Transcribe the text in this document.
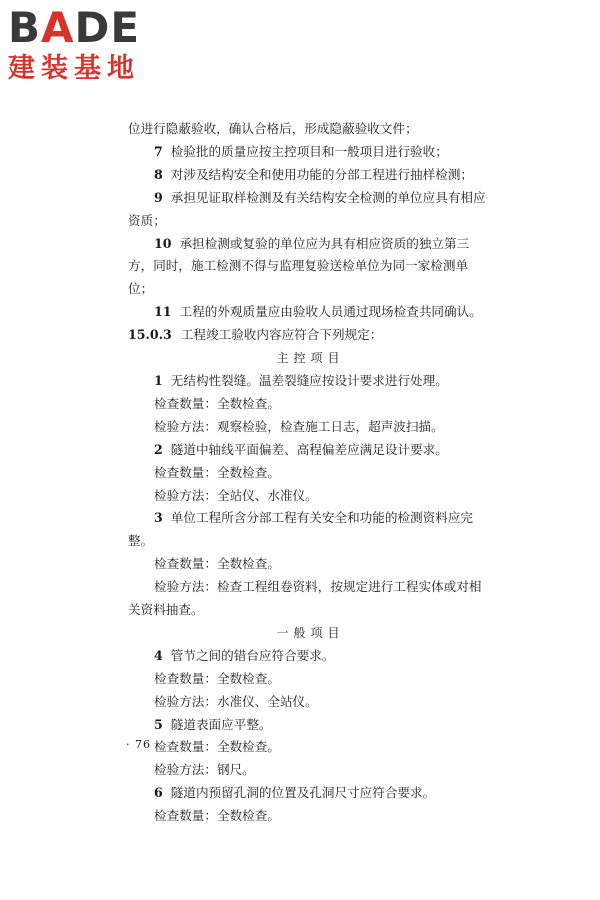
BADE
建装基地

位进行隐蔽验收，确认合格后，形成隐蔽验收文件；

7 检验批的质量应按主控项目和一般项目进行验收；

8 对涉及结构安全和使用功能的分部工程进行抽样检测；

9 承担见证取样检测及有关结构安全检测的单位应具有相应资质；

10 承担检测或复验的单位应为具有相应资质的独立第三方，同时，施工检测不得与监理复验送检单位为同一家检测单位；

11 工程的外观质量应由验收人员通过现场检查共同确认。

15.0.3 工程竣工验收内容应符合下列规定：

主控项目

1 无结构性裂缝。温差裂缝应按设计要求进行处理。

检查数量：全数检查。

检验方法：观察检验，检查施工日志，超声波扫描。

2 隧道中轴线平面偏差、高程偏差应满足设计要求。

检查数量：全数检查。

检验方法：全站仪、水准仪。

3 单位工程所含分部工程有关安全和功能的检测资料应完整。

检查数量：全数检查。

检验方法：检查工程组卷资料，按规定进行工程实体或对相关资料抽查。

一般项目

4 管节之间的错台应符合要求。

检查数量：全数检查。

检验方法：水准仪、全站仪。

5 隧道表面应平整。

检查数量：全数检查。

检验方法：钢尺。

6 隧道内预留孔洞的位置及孔洞尺寸应符合要求。

检查数量：全数检查。

· 76 ·
